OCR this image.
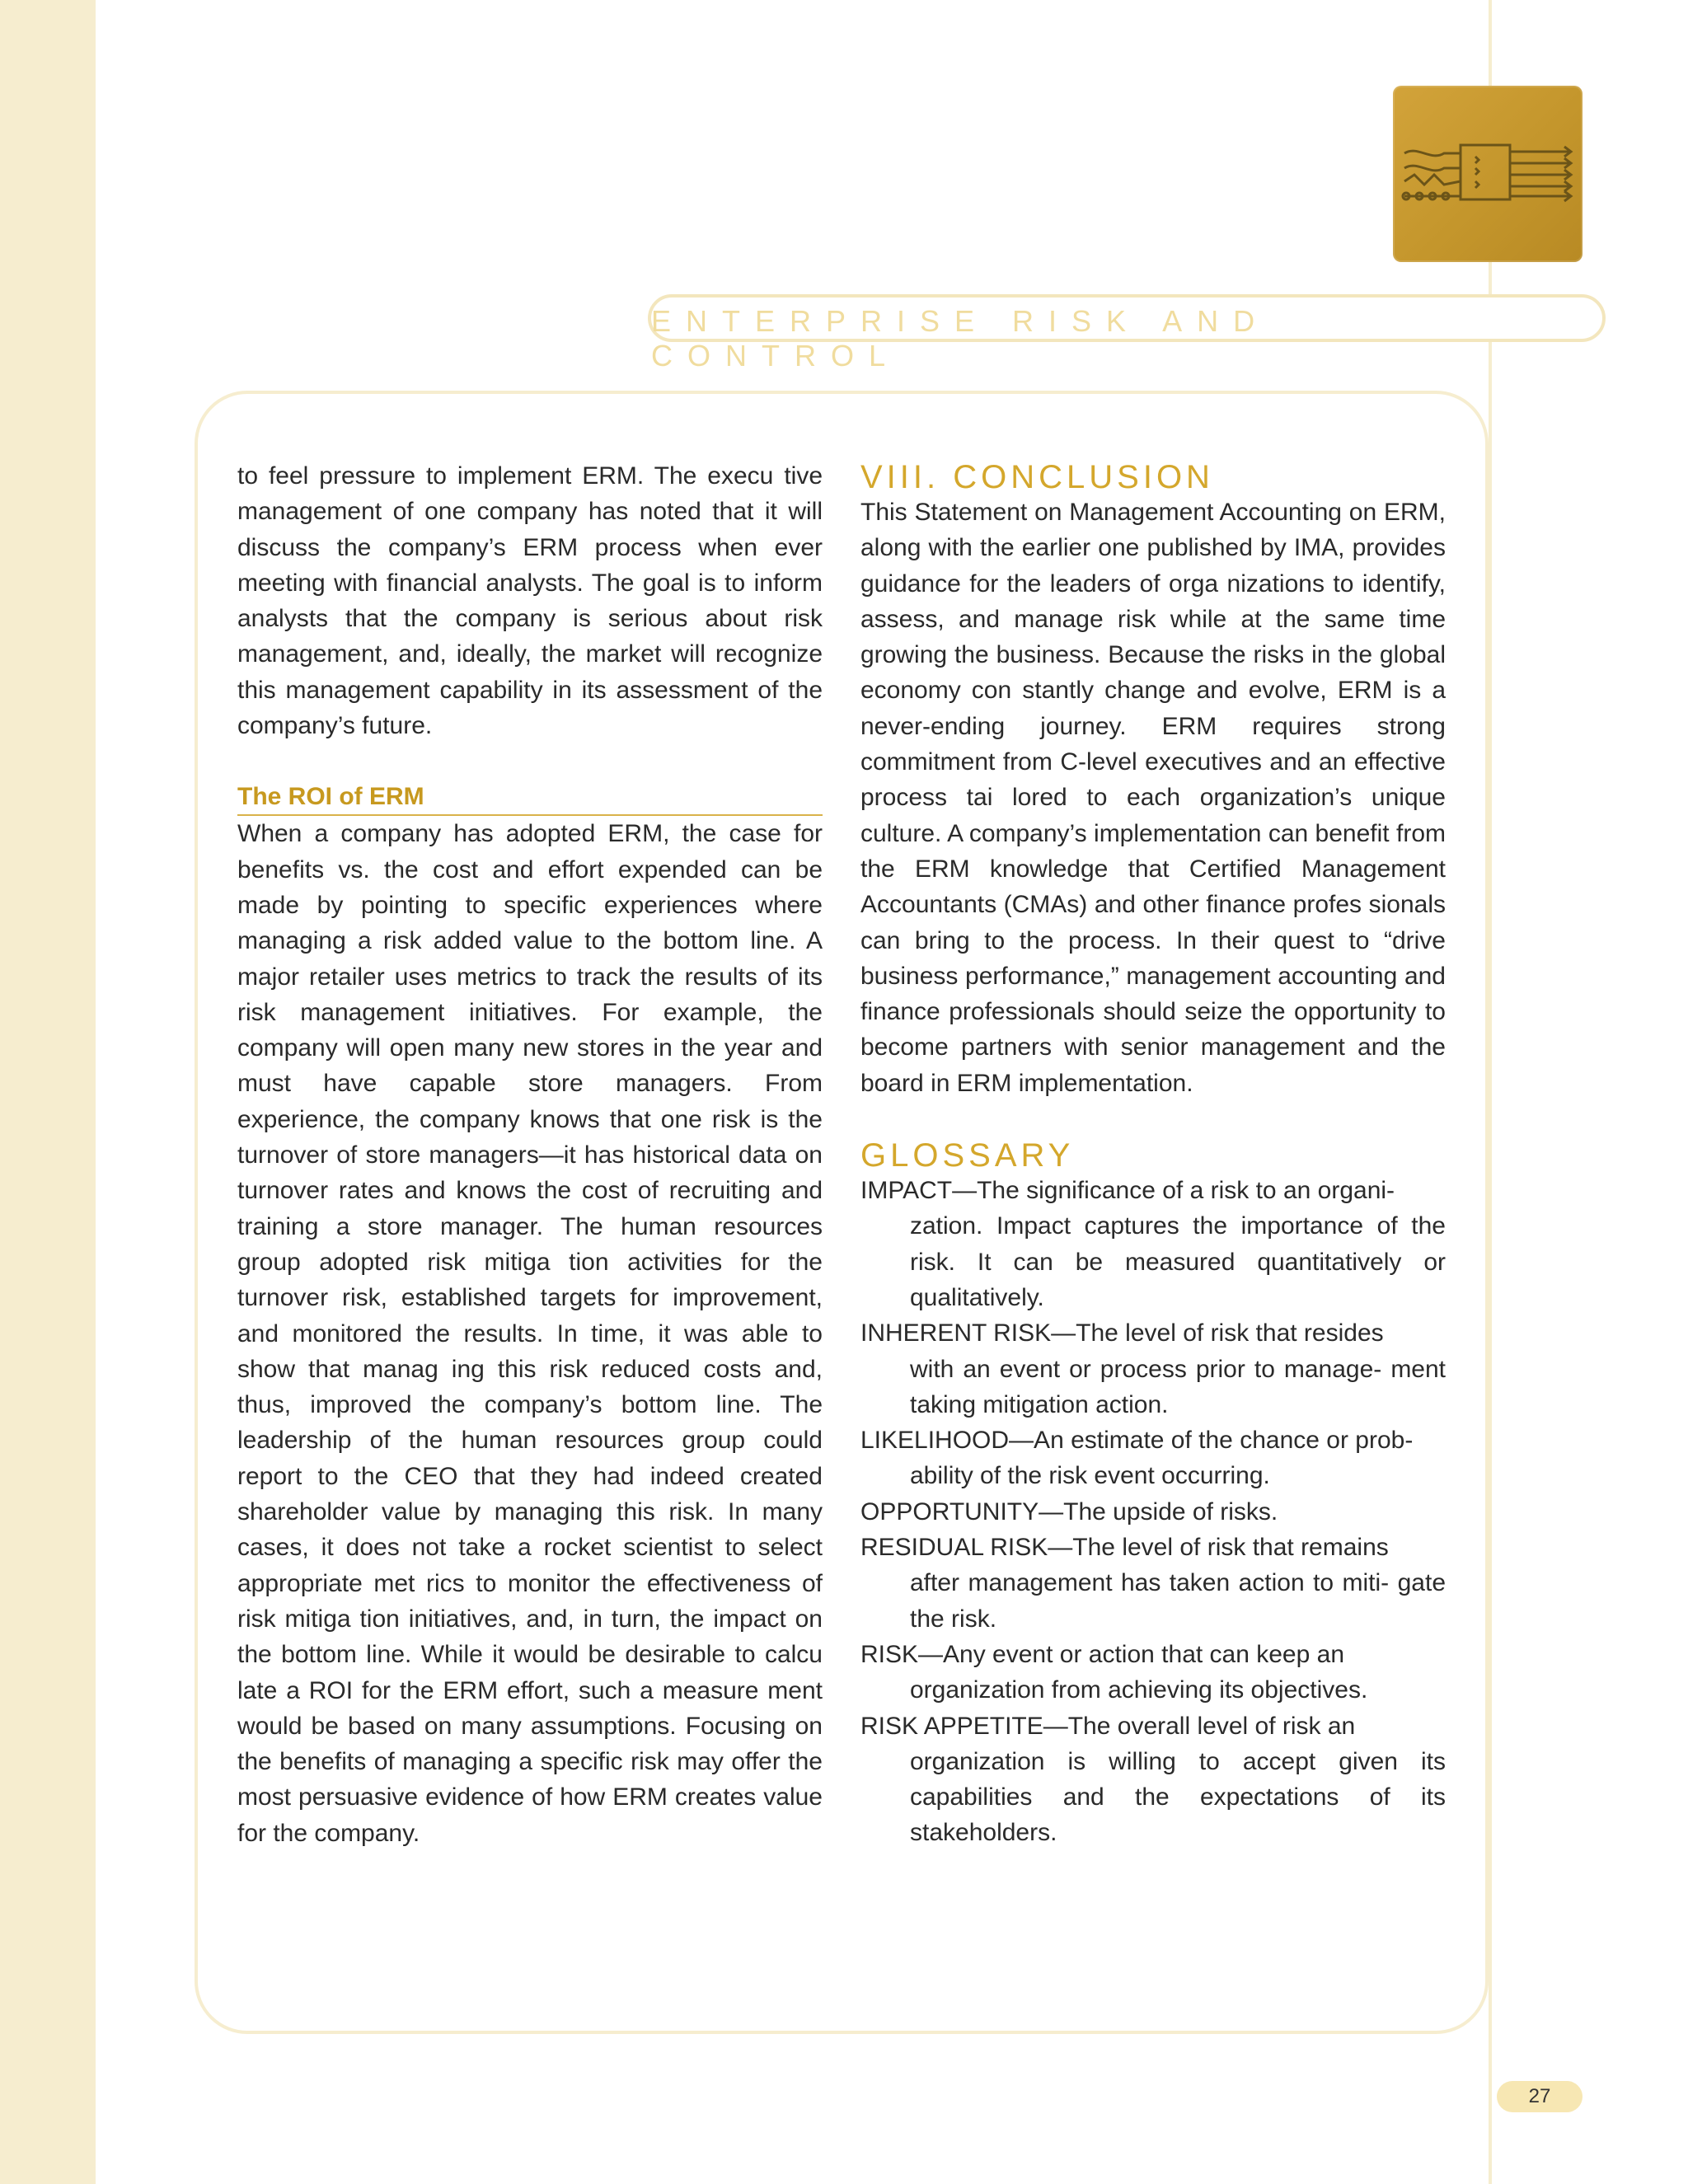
ENTERPRISE RISK AND CONTROL

to feel pressure to implement ERM. The execu tive management of one company has noted that it will discuss the company’s ERM process when ever meeting with financial analysts. The goal is to inform analysts that the company is serious about risk management, and, ideally, the market will recognize this management capability in its assessment of the company’s future.

The ROI of ERM

When a company has adopted ERM, the case for benefits vs. the cost and effort expended can be made by pointing to specific experiences where managing a risk added value to the bottom line. A major retailer uses metrics to track the results of its risk management initiatives. For example, the company will open many new stores in the year and must have capable store managers. From experience, the company knows that one risk is the turnover of store managers—it has historical data on turnover rates and knows the cost of recruiting and training a store manager. The human resources group adopted risk mitiga tion activities for the turnover risk, established targets for improvement, and monitored the results. In time, it was able to show that manag ing this risk reduced costs and, thus, improved the company’s bottom line. The leadership of the human resources group could report to the CEO that they had indeed created shareholder value by managing this risk. In many cases, it does not take a rocket scientist to select appropriate met rics to monitor the effectiveness of risk mitiga tion initiatives, and, in turn, the impact on the bottom line. While it would be desirable to calcu late a ROI for the ERM effort, such a measure ment would be based on many assumptions. Focusing on the benefits of managing a specific risk may offer the most persuasive evidence of how ERM creates value for the company.

VIII. CONCLUSION

This Statement on Management Accounting on ERM, along with the earlier one published by IMA, provides guidance for the leaders of orga nizations to identify, assess, and manage risk while at the same time growing the business. Because the risks in the global economy con stantly change and evolve, ERM is a never-ending journey. ERM requires strong commitment from C-level executives and an effective process tai lored to each organization’s unique culture. A company’s implementation can benefit from the ERM knowledge that Certified Management Accountants (CMAs) and other finance profes sionals can bring to the process. In their quest to “drive business performance,” management accounting and finance professionals should seize the opportunity to become partners with senior management and the board in ERM implementation.

GLOSSARY
IMPACT—The significance of a risk to an organi-
zation. Impact captures the importance of the risk. It can be measured quantitatively or qualitatively.
INHERENT RISK—The level of risk that resides
with an event or process prior to manage- ment taking mitigation action.
LIKELIHOOD—An estimate of the chance or prob-
ability of the risk event occurring.
OPPORTUNITY—The upside of risks.
RESIDUAL RISK—The level of risk that remains
after management has taken action to miti- gate the risk.
RISK—Any event or action that can keep an
organization from achieving its objectives.
RISK APPETITE—The overall level of risk an
organization is willing to accept given its capabilities and the expectations of its stakeholders.
27
